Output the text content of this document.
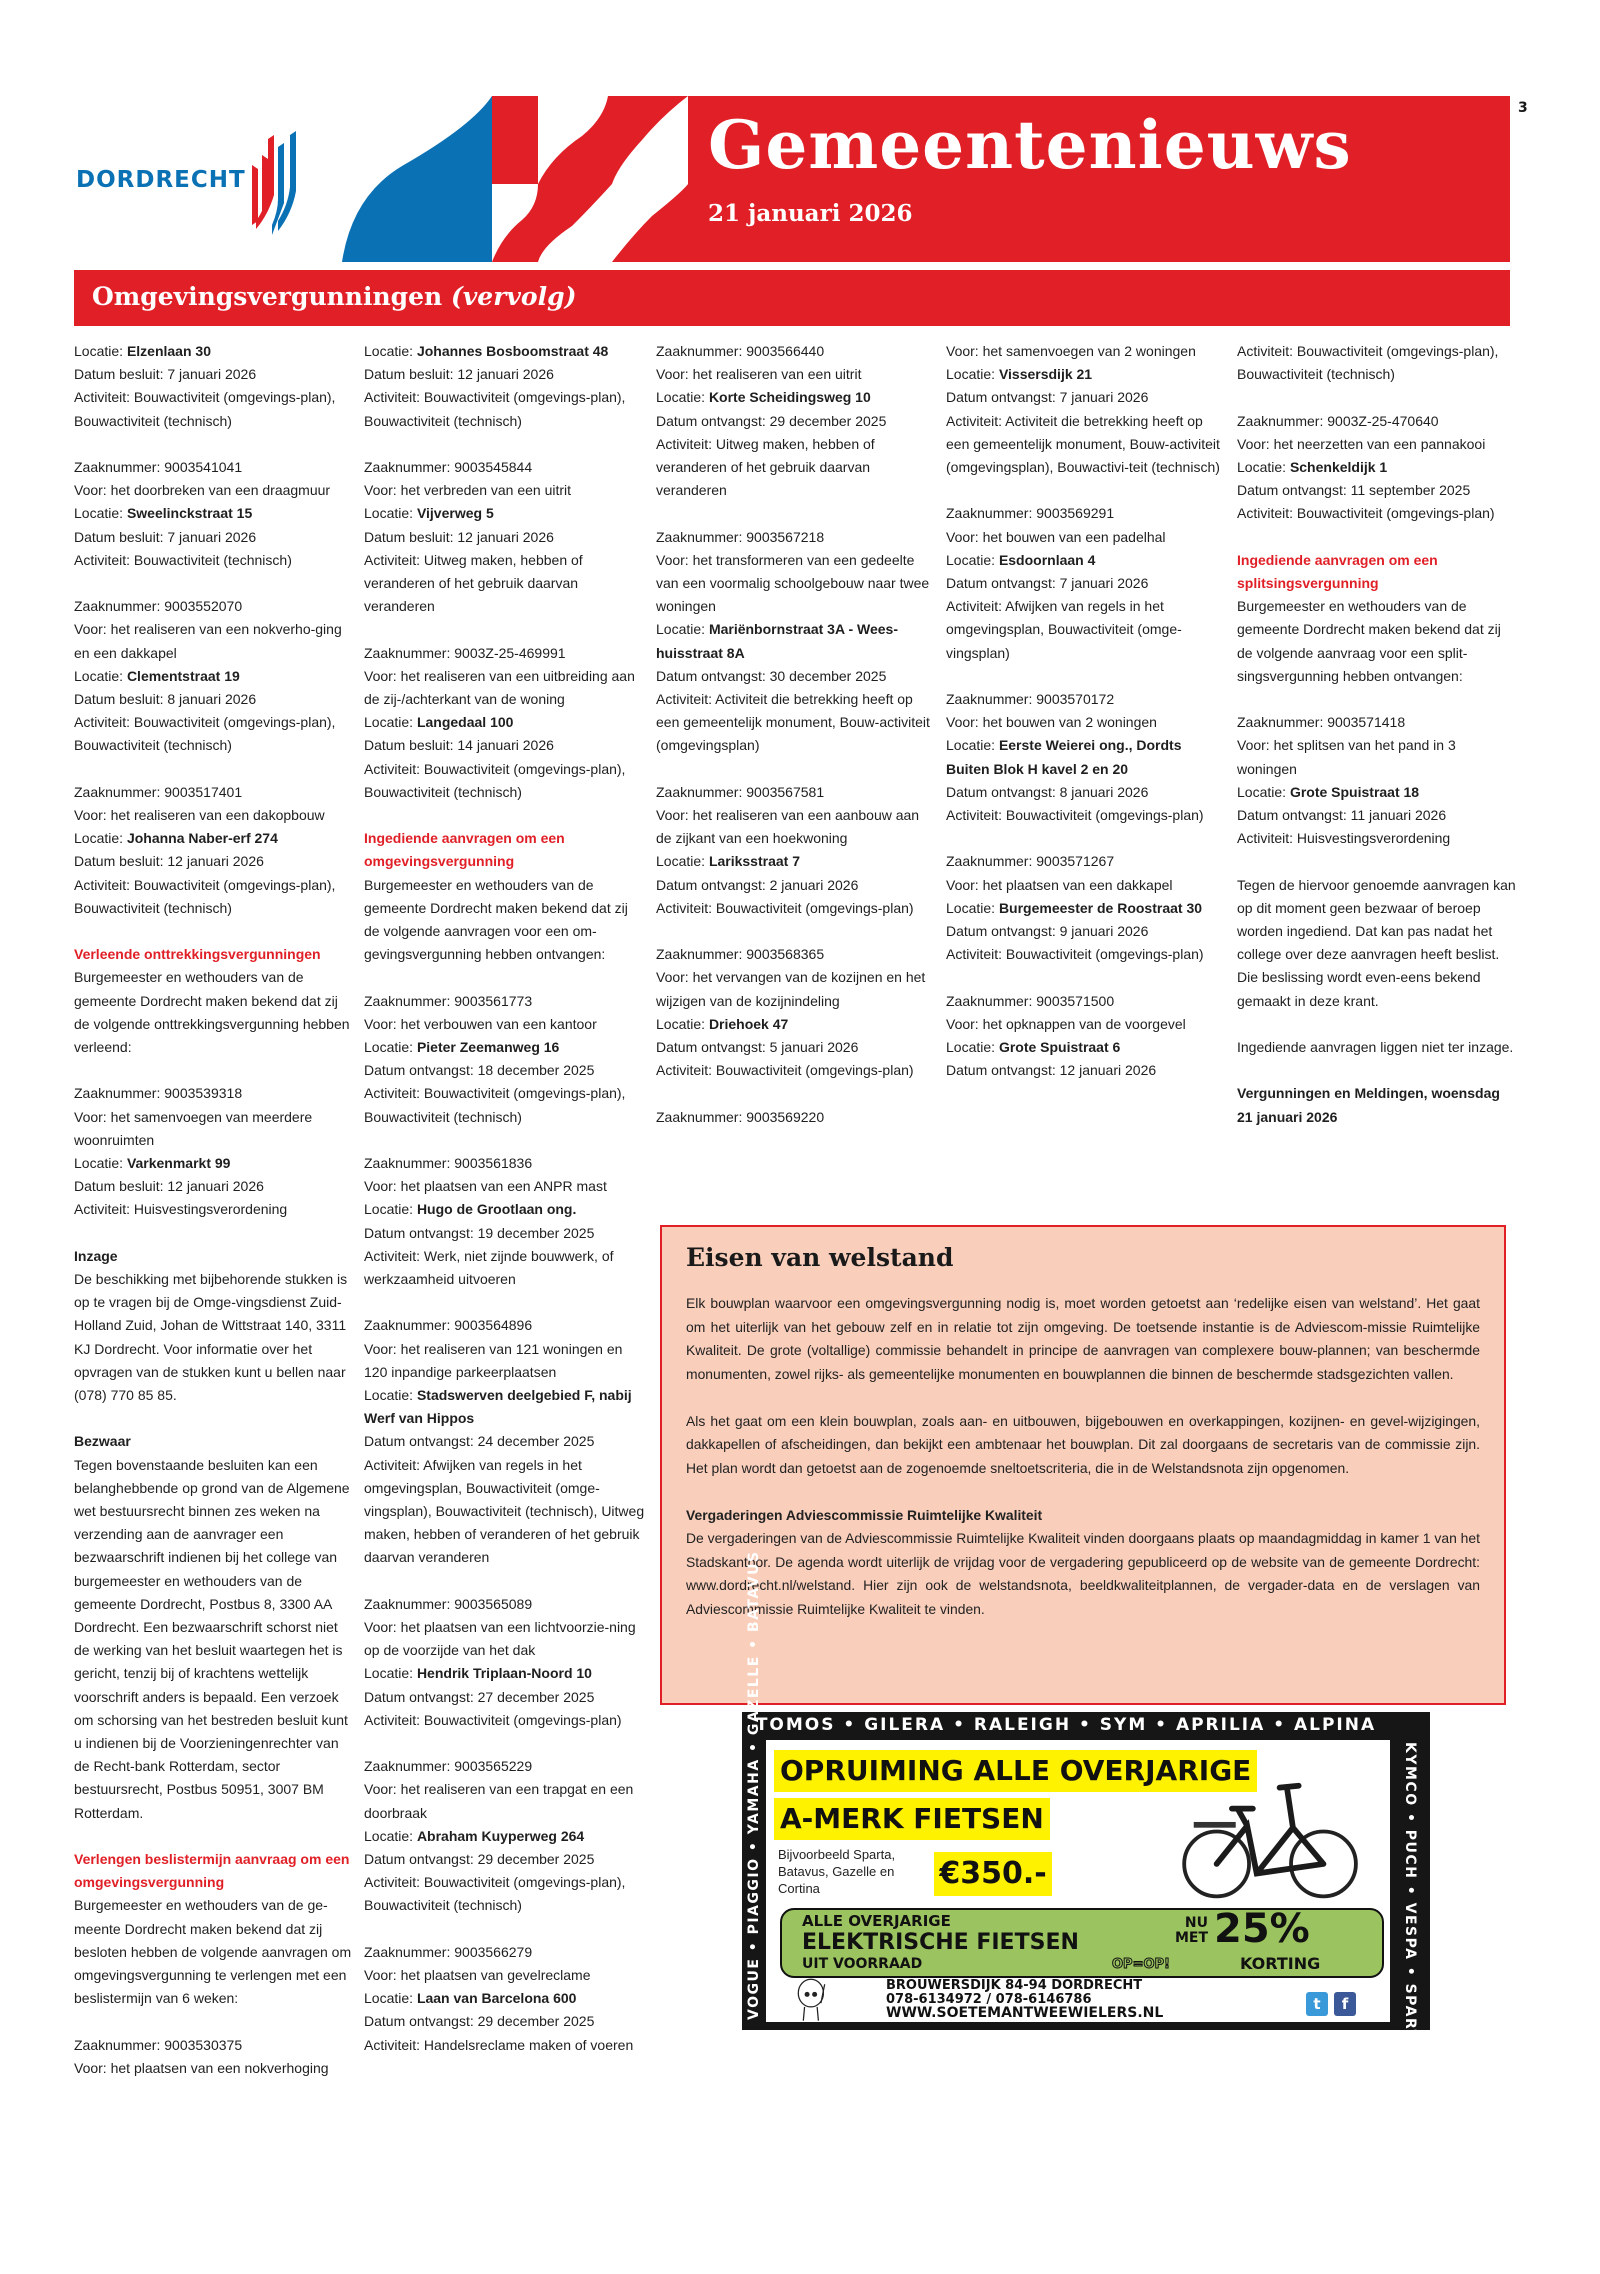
3
DORDRECHT	Gemeentenieuws
21 januari 2026
Omgevingsvergunningen (vervolg)

Locatie: Elzenlaan 30

Datum besluit: 7 januari 2026

Activiteit: Bouwactiviteit (omgevings-plan), Bouwactiviteit (technisch)

Zaaknummer: 9003541041

Voor: het doorbreken van een draagmuur

Locatie: Sweelinckstraat 15

Datum besluit: 7 januari 2026

Activiteit: Bouwactiviteit (technisch)

Zaaknummer: 9003552070

Voor: het realiseren van een nokverho-ging en een dakkapel

Locatie: Clementstraat 19

Datum besluit: 8 januari 2026

Activiteit: Bouwactiviteit (omgevings-plan), Bouwactiviteit (technisch)

Zaaknummer: 9003517401

Voor: het realiseren van een dakopbouw

Locatie: Johanna Naber-erf 274

Datum besluit: 12 januari 2026

Activiteit: Bouwactiviteit (omgevings-plan), Bouwactiviteit (technisch)

Verleende onttrekkingsvergunningen

Burgemeester en wethouders van de gemeente Dordrecht maken bekend dat zij de volgende onttrekkingsvergunning hebben verleend:

Zaaknummer: 9003539318

Voor: het samenvoegen van meerdere woonruimten

Locatie: Varkenmarkt 99

Datum besluit: 12 januari 2026

Activiteit: Huisvestingsverordening

Inzage

De beschikking met bijbehorende stukken is op te vragen bij de Omge-vingsdienst Zuid-Holland Zuid, Johan de Wittstraat 140, 3311 KJ Dordrecht. Voor informatie over het opvragen van de stukken kunt u bellen naar (078) 770 85 85.

Bezwaar

Tegen bovenstaande besluiten kan een belanghebbende op grond van de Algemene wet bestuursrecht binnen zes weken na verzending aan de aanvrager een bezwaarschrift indienen bij het college van burgemeester en wethouders van de gemeente Dordrecht, Postbus 8, 3300 AA Dordrecht. Een bezwaarschrift schorst niet de werking van het besluit waartegen het is gericht, tenzij bij of krachtens wettelijk voorschrift anders is bepaald. Een verzoek om schorsing van het bestreden besluit kunt u indienen bij de Voorzieningenrechter van de Recht-bank Rotterdam, sector bestuursrecht, Postbus 50951, 3007 BM Rotterdam.

Verlengen beslistermijn aanvraag om een omgevingsvergunning

Burgemeester en wethouders van de ge-meente Dordrecht maken bekend dat zij besloten hebben de volgende aanvragen om omgevingsvergunning te verlengen met een beslistermijn van 6 weken:

Zaaknummer: 9003530375

Voor: het plaatsen van een nokverhoging

Locatie: Johannes Bosboomstraat 48

Datum besluit: 12 januari 2026

Activiteit: Bouwactiviteit (omgevings-plan), Bouwactiviteit (technisch)

Zaaknummer: 9003545844

Voor: het verbreden van een uitrit

Locatie: Vijverweg 5

Datum besluit: 12 januari 2026

Activiteit: Uitweg maken, hebben of veranderen of het gebruik daarvan veranderen

Zaaknummer: 9003Z-25-469991

Voor: het realiseren van een uitbreiding aan de zij-/achterkant van de woning

Locatie: Langedaal 100

Datum besluit: 14 januari 2026

Activiteit: Bouwactiviteit (omgevings-plan), Bouwactiviteit (technisch)

Ingediende aanvragen om een omgevingsvergunning

Burgemeester en wethouders van de gemeente Dordrecht maken bekend dat zij de volgende aanvragen voor een om-gevingsvergunning hebben ontvangen:

Zaaknummer: 9003561773

Voor: het verbouwen van een kantoor

Locatie: Pieter Zeemanweg 16

Datum ontvangst: 18 december 2025

Activiteit: Bouwactiviteit (omgevings-plan), Bouwactiviteit (technisch)

Zaaknummer: 9003561836

Voor: het plaatsen van een ANPR mast

Locatie: Hugo de Grootlaan ong.

Datum ontvangst: 19 december 2025

Activiteit: Werk, niet zijnde bouwwerk, of werkzaamheid uitvoeren

Zaaknummer: 9003564896

Voor: het realiseren van 121 woningen en 120 inpandige parkeerplaatsen

Locatie: Stadswerven deelgebied F, nabij Werf van Hippos

Datum ontvangst: 24 december 2025

Activiteit: Afwijken van regels in het omgevingsplan, Bouwactiviteit (omge-vingsplan), Bouwactiviteit (technisch), Uitweg maken, hebben of veranderen of het gebruik daarvan veranderen

Zaaknummer: 9003565089

Voor: het plaatsen van een lichtvoorzie-ning op de voorzijde van het dak

Locatie: Hendrik Triplaan-Noord 10

Datum ontvangst: 27 december 2025

Activiteit: Bouwactiviteit (omgevings-plan)

Zaaknummer: 9003565229

Voor: het realiseren van een trapgat en een doorbraak

Locatie: Abraham Kuyperweg 264

Datum ontvangst: 29 december 2025

Activiteit: Bouwactiviteit (omgevings-plan), Bouwactiviteit (technisch)

Zaaknummer: 9003566279

Voor: het plaatsen van gevelreclame

Locatie: Laan van Barcelona 600

Datum ontvangst: 29 december 2025

Activiteit: Handelsreclame maken of voeren

Zaaknummer: 9003566440

Voor: het realiseren van een uitrit

Locatie: Korte Scheidingsweg 10

Datum ontvangst: 29 december 2025

Activiteit: Uitweg maken, hebben of veranderen of het gebruik daarvan veranderen

Zaaknummer: 9003567218

Voor: het transformeren van een gedeelte van een voormalig schoolgebouw naar twee woningen

Locatie: Mariënbornstraat 3A - Wees-huisstraat 8A

Datum ontvangst: 30 december 2025

Activiteit: Activiteit die betrekking heeft op een gemeentelijk monument, Bouw-activiteit (omgevingsplan)

Zaaknummer: 9003567581

Voor: het realiseren van een aanbouw aan de zijkant van een hoekwoning

Locatie: Lariksstraat 7

Datum ontvangst: 2 januari 2026

Activiteit: Bouwactiviteit (omgevings-plan)

Zaaknummer: 9003568365

Voor: het vervangen van de kozijnen en het wijzigen van de kozijnindeling

Locatie: Driehoek 47

Datum ontvangst: 5 januari 2026

Activiteit: Bouwactiviteit (omgevings-plan)

Zaaknummer: 9003569220

Voor: het samenvoegen van 2 woningen

Locatie: Vissersdijk 21

Datum ontvangst: 7 januari 2026

Activiteit: Activiteit die betrekking heeft op een gemeentelijk monument, Bouw-activiteit (omgevingsplan), Bouwactivi-teit (technisch)

Zaaknummer: 9003569291

Voor: het bouwen van een padelhal

Locatie: Esdoornlaan 4

Datum ontvangst: 7 januari 2026

Activiteit: Afwijken van regels in het omgevingsplan, Bouwactiviteit (omge-vingsplan)

Zaaknummer: 9003570172

Voor: het bouwen van 2 woningen

Locatie: Eerste Weierei ong., Dordts Buiten Blok H kavel 2 en 20

Datum ontvangst: 8 januari 2026

Activiteit: Bouwactiviteit (omgevings-plan)

Zaaknummer: 9003571267

Voor: het plaatsen van een dakkapel

Locatie: Burgemeester de Roostraat 30

Datum ontvangst: 9 januari 2026

Activiteit: Bouwactiviteit (omgevings-plan)

Zaaknummer: 9003571500

Voor: het opknappen van de voorgevel

Locatie: Grote Spuistraat 6

Datum ontvangst: 12 januari 2026

Activiteit: Bouwactiviteit (omgevings-plan), Bouwactiviteit (technisch)

Zaaknummer: 9003Z-25-470640

Voor: het neerzetten van een pannakooi

Locatie: Schenkeldijk 1

Datum ontvangst: 11 september 2025

Activiteit: Bouwactiviteit (omgevings-plan)

Ingediende aanvragen om een splitsingsvergunning

Burgemeester en wethouders van de gemeente Dordrecht maken bekend dat zij de volgende aanvraag voor een split-singsvergunning hebben ontvangen:

Zaaknummer: 9003571418

Voor: het splitsen van het pand in 3 woningen

Locatie: Grote Spuistraat 18

Datum ontvangst: 11 januari 2026

Activiteit: Huisvestingsverordening

Tegen de hiervoor genoemde aanvragen kan op dit moment geen bezwaar of beroep worden ingediend. Dat kan pas nadat het college over deze aanvragen heeft beslist. Die beslissing wordt even-eens bekend gemaakt in deze krant.

Ingediende aanvragen liggen niet ter inzage.

Vergunningen en Meldingen, woensdag 21 januari 2026

Eisen van welstand

Elk bouwplan waarvoor een omgevingsvergunning nodig is, moet worden getoetst aan ‘redelijke eisen van welstand’. Het gaat om het uiterlijk van het gebouw zelf en in relatie tot zijn omgeving. De toetsende instantie is de Adviescom-missie Ruimtelijke Kwaliteit. De grote (voltallige) commissie behandelt in principe de aanvragen van complexere bouw-plannen; van beschermde monumenten, zowel rijks- als gemeentelijke monumenten en bouwplannen die binnen de beschermde stadsgezichten vallen.

Als het gaat om een klein bouwplan, zoals aan- en uitbouwen, bijgebouwen en overkappingen, kozijnen- en gevel-wijzigingen, dakkapellen of afscheidingen, dan bekijkt een ambtenaar het bouwplan. Dit zal doorgaans de secretaris van de commissie zijn. Het plan wordt dan getoetst aan de zogenoemde sneltoetscriteria, die in de Welstandsnota zijn opgenomen.

Vergaderingen Adviescommissie Ruimtelijke Kwaliteit

De vergaderingen van de Adviescommissie Ruimtelijke Kwaliteit vinden doorgaans plaats op maandagmiddag in kamer 1 van het Stadskantoor. De agenda wordt uiterlijk de vrijdag voor de vergadering gepubliceerd op de website van de gemeente Dordrecht: www.dordrecht.nl/welstand. Hier zijn ook de welstandsnota, beeldkwaliteitplannen, de vergader-data en de verslagen van Adviescommissie Ruimtelijke Kwaliteit te vinden.

TOMOS • GILERA • RALEIGH • SYM • APRILIA • ALPINA
VOGUE • PIAGGIO • YAMAHA • GAZELLE • BATAVUS OPRUIMING ALLE OVERJARIGE
A-MERK FIETSEN
Bijvoorbeeld Sparta, Batavus, Gazelle en Cortina	€350.-
ALLE OVERJARIGE
ELEKTRISCHE FIETSEN
UIT VOORRAAD	OP=OP!
NU MET 25%
KORTING
BROUWERSDIJK 84-94 DORDRECHT
078-6134972 / 078-6146786
WWW.SOETEMANTWEEWIELERS.NL	t	f	KYMCO • PUCH • VESPA • SPARTA • LEADERBOX
